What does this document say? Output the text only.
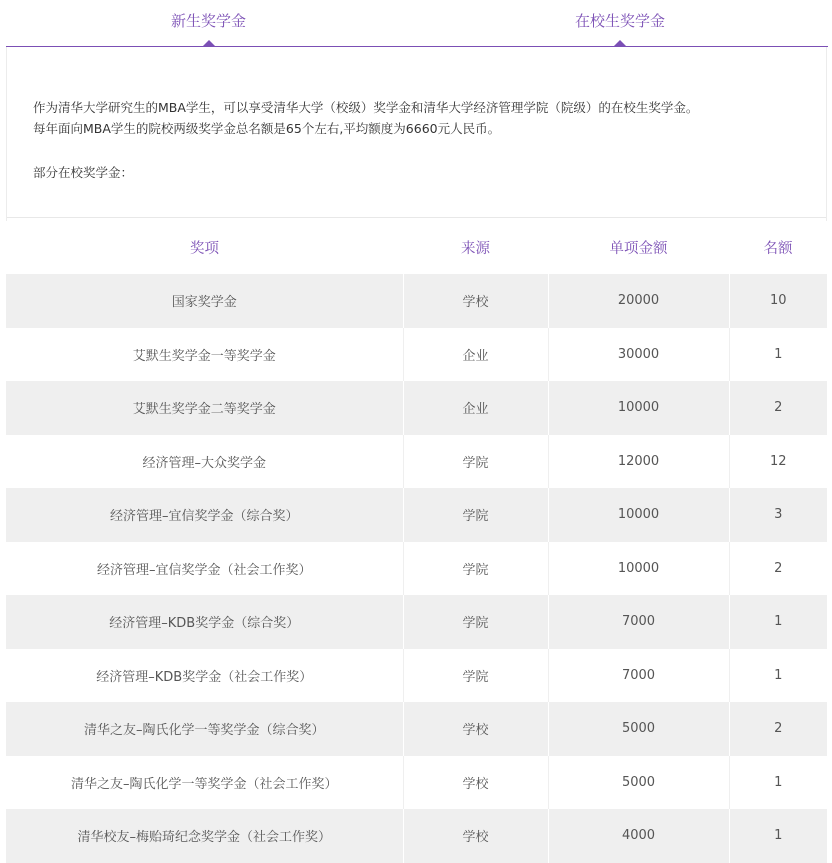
新生奖学金	在校生奖学金
作为清华大学研究生的MBA学生，可以享受清华大学（校级）奖学金和清华大学经济管理学院（院级）的在校生奖学金。
每年面向MBA学生的院校两级奖学金总名额是65个左右,平均额度为6660元人民币。
部分在校奖学金：
奖项	来源	单项金额	名额
国家奖学金	学校	20000	10
艾默生奖学金一等奖学金	企业	30000	1
艾默生奖学金二等奖学金	企业	10000	2
经济管理–大众奖学金	学院	12000	12
经济管理–宜信奖学金（综合奖）	学院	10000	3
经济管理–宜信奖学金（社会工作奖）	学院	10000	2
经济管理–KDB奖学金（综合奖）	学院	7000	1
经济管理–KDB奖学金（社会工作奖）	学院	7000	1
清华之友–陶氏化学一等奖学金（综合奖）	学校	5000	2
清华之友–陶氏化学一等奖学金（社会工作奖）	学校	5000	1
清华校友–梅贻琦纪念奖学金（社会工作奖）	学校	4000	1
